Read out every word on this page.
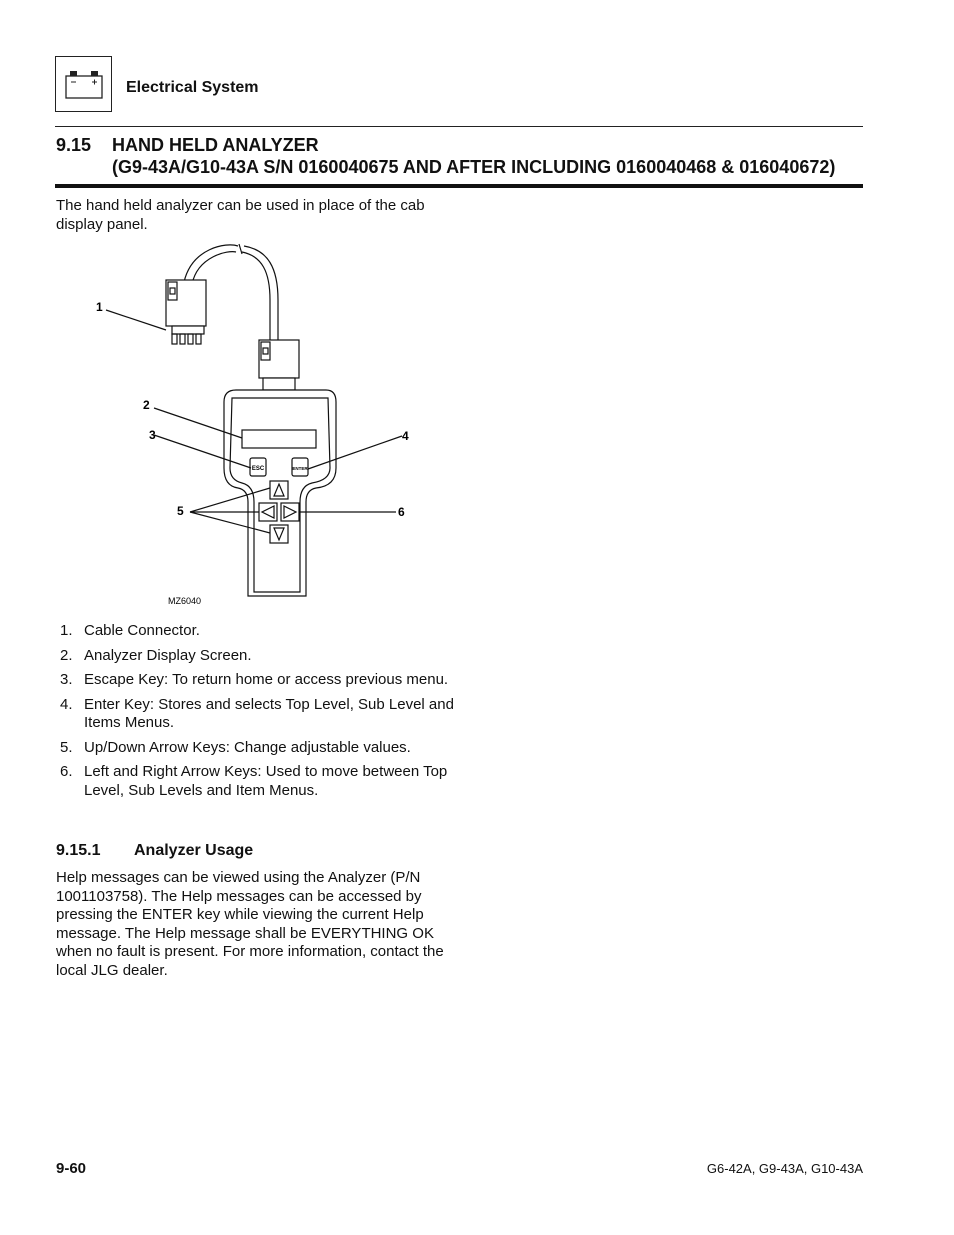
Electrical System
9.15 HAND HELD ANALYZER
(G9-43A/G10-43A S/N 0160040675 AND AFTER INCLUDING 0160040468 & 016040672)
The hand held analyzer can be used in place of the cab display panel.
ESC	ENTER
1
2
3	4
5	6
MZ6040
1. Cable Connector.
2. Analyzer Display Screen.
3. Escape Key: To return home or access previous menu.
4. Enter Key: Stores and selects Top Level, Sub Level and Items Menus.
5. Up/Down Arrow Keys: Change adjustable values.
6. Left and Right Arrow Keys: Used to move between Top Level, Sub Levels and Item Menus.
9.15.1 Analyzer Usage
Help messages can be viewed using the Analyzer (P/N 1001103758). The Help messages can be accessed by pressing the ENTER key while viewing the current Help message. The Help message shall be EVERYTHING OK when no fault is present. For more information, contact the local JLG dealer.
9-60	G6-42A, G9-43A, G10-43A
